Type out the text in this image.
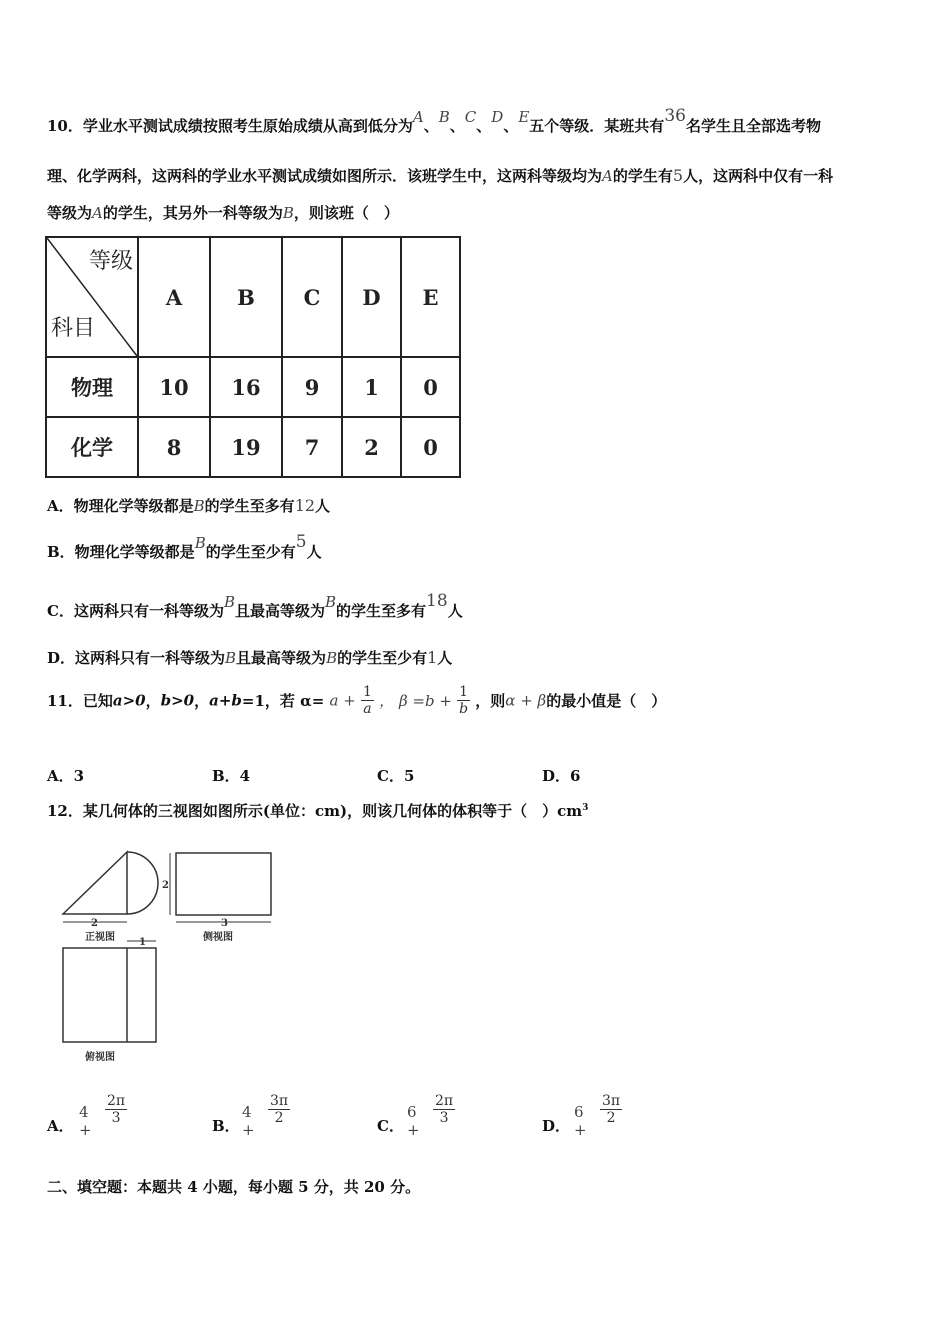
10．学业水平测试成绩按照考生原始成绩从高到低分为A、B、C、D、E五个等级．某班共有36名学生且全部选考物
理、化学两科，这两科的学业水平测试成绩如图所示．该班学生中，这两科等级均为A的学生有5人，这两科中仅有一科
等级为A的学生，其另外一科等级为B，则该班（　）
等级
科目	A	B	C	D	E
物理	10	16	9	1	0
化学	8	19	7	2	0
A．物理化学等级都是B的学生至多有12人
B．物理化学等级都是B的学生至少有5人
C．这两科只有一科等级为B且最高等级为B的学生至多有18人
D．这两科只有一科等级为B且最高等级为B的学生至少有1人
11．已知a>0，b>0，a+b=1，若 $\alpha= a + \frac{1}{a}$ ， $\beta =b + \frac{1}{b}$ ，则α + β的最小值是（　）
A．3	B．4	C．5	D．6
12．某几何体的三视图如图所示(单位：cm)，则该几何体的体积等于（　）$cm^3$
2
2
3
1
正视图	侧视图
俯视图
A．
4 +
$\frac{2\pi}{3}$	B．
4 +
$\frac{3\pi}{2}$	C．
6 +
$\frac{2\pi}{3}$	D．
6 +
$\frac{3\pi}{2}$
二、填空题：本题共 4 小题，每小题 5 分，共 20 分。
